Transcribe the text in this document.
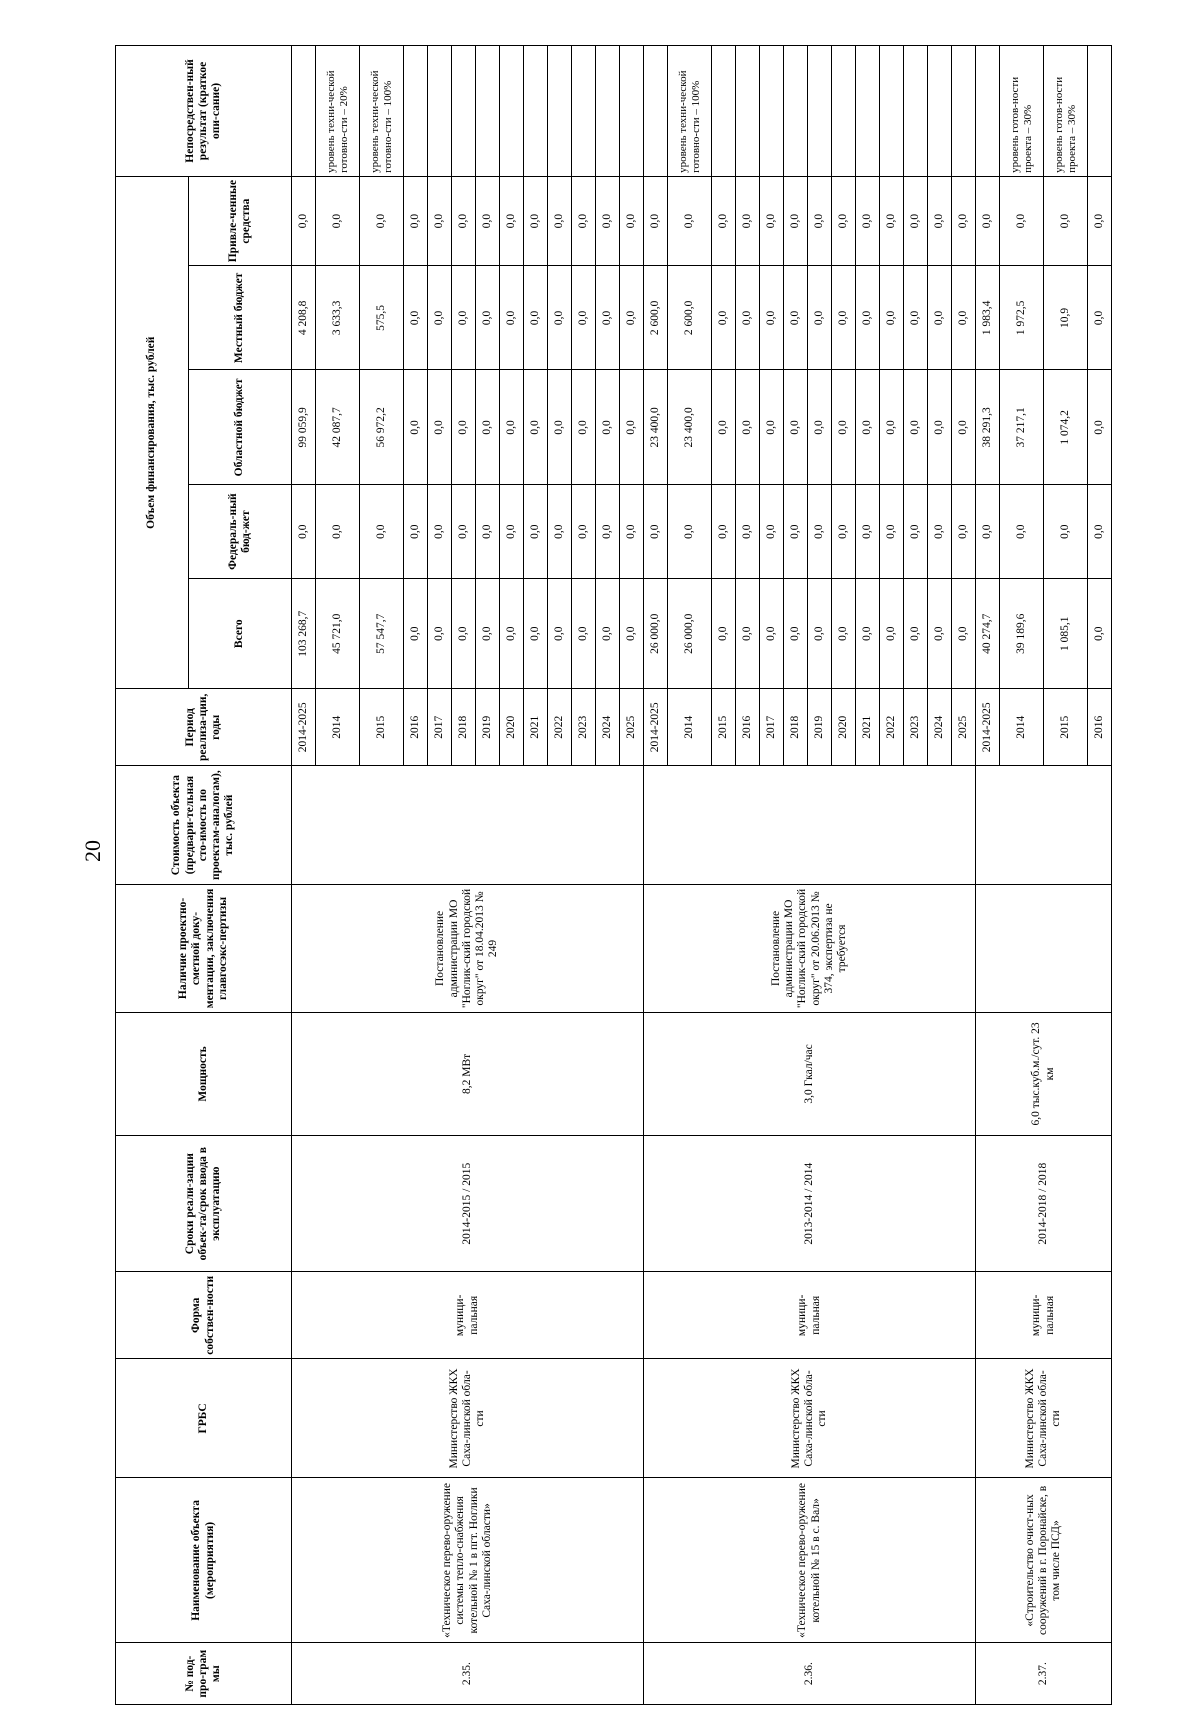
20
№ под-про-грам мы	Наименование объекта (мероприятия)	ГРБС	Форма собствен-ности	Сроки реали-зации объек-та/срок ввода в эксплуатацию	Мощность	Наличие проектно-сметной доку-ментации, заключения главгосэкс-пертизы	Стоимость объекта (предвари-тельная сто-имость по проектам-аналогам), тыс. рублей	Период реализа-ции, годы	Объем финансирования, тыс. рублей					Непосредствен-ный результат (краткое опи-сание)
									Всего	Федераль-ный бюд-жет	Областной бюджет	Местный бюджет	Привле-ченные средства	
2.35.	«Техническое перево-оружение системы тепло-снабжения котельной № 1 в пгт. Ноглики Саха-линской области»	Министерство ЖКХ Саха-линской обла-сти	муници-пальная	2014-2015 / 2015	8,2 МВт	Постановление администрации МО "Ноглик-ский городской округ" от 18.04.2013 № 249		2014-2025	103 268,7	0,0	99 059,9	4 208,8	0,0	
								2014	45 721,0	0,0	42 087,7	3 633,3	0,0	уровень техни-ческой готовно-сти – 20%
								2015	57 547,7	0,0	56 972,2	575,5	0,0	уровень техни-ческой готовно-сти – 100%
								2016	0,0	0,0	0,0	0,0	0,0	
								2017	0,0	0,0	0,0	0,0	0,0	
								2018	0,0	0,0	0,0	0,0	0,0	
								2019	0,0	0,0	0,0	0,0	0,0	
								2020	0,0	0,0	0,0	0,0	0,0	
								2021	0,0	0,0	0,0	0,0	0,0	
								2022	0,0	0,0	0,0	0,0	0,0	
								2023	0,0	0,0	0,0	0,0	0,0	
								2024	0,0	0,0	0,0	0,0	0,0	
								2025	0,0	0,0	0,0	0,0	0,0	
2.36.	«Техническое перево-оружение котельной № 15 в с. Вал»	Министерство ЖКХ Саха-линской обла-сти	муници-пальная	2013-2014 / 2014	3,0 Гкал/час	Постановление администрации МО "Ноглик-ский городской округ" от 20.06.2013 № 374, экспертиза не требуется		2014-2025	26 000,0	0,0	23 400,0	2 600,0	0,0	
								2014	26 000,0	0,0	23 400,0	2 600,0	0,0	уровень техни-ческой готовно-сти – 100%
								2015	0,0	0,0	0,0	0,0	0,0	
								2016	0,0	0,0	0,0	0,0	0,0	
								2017	0,0	0,0	0,0	0,0	0,0	
								2018	0,0	0,0	0,0	0,0	0,0	
								2019	0,0	0,0	0,0	0,0	0,0	
								2020	0,0	0,0	0,0	0,0	0,0	
								2021	0,0	0,0	0,0	0,0	0,0	
								2022	0,0	0,0	0,0	0,0	0,0	
								2023	0,0	0,0	0,0	0,0	0,0	
								2024	0,0	0,0	0,0	0,0	0,0	
								2025	0,0	0,0	0,0	0,0	0,0	
2.37.	«Строительство очист-ных сооружений в г. Поронайске, в том числе ПСД»	Министерство ЖКХ Саха-линской обла-сти	муници-пальная	2014-2018 / 2018	6,0 тыс.куб.м./сут. 23 км			2014-2025	40 274,7	0,0	38 291,3	1 983,4	0,0	
								2014	39 189,6	0,0	37 217,1	1 972,5	0,0	уровень готов-ности проекта – 30%
								2015	1 085,1	0,0	1 074,2	10,9	0,0	уровень готов-ности проекта – 30%
								2016	0,0	0,0	0,0	0,0	0,0	
